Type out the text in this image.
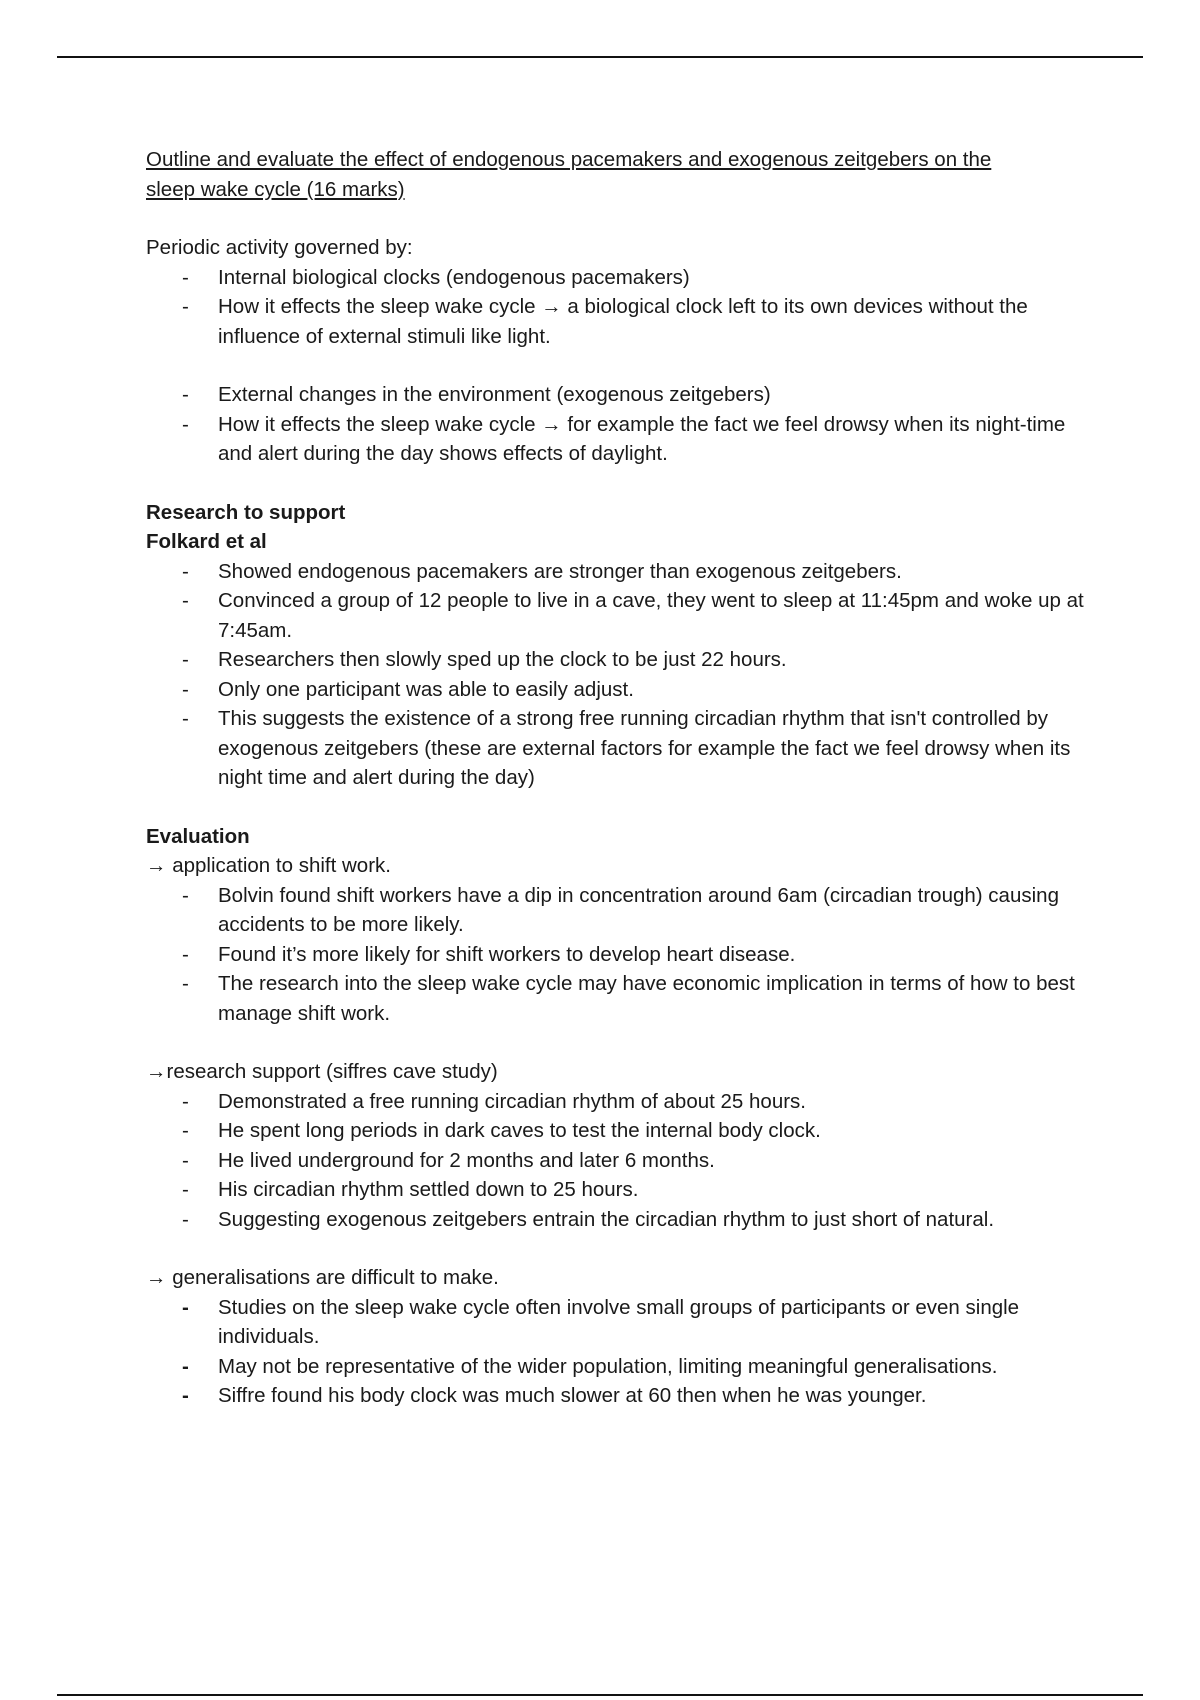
Outline and evaluate the effect of endogenous pacemakers and exogenous zeitgebers on the
sleep wake cycle (16 marks)

Periodic activity governed by:

- Internal biological clocks (endogenous pacemakers)
- How it effects the sleep wake cycle → a biological clock left to its own devices without the influence of external stimuli like light.
- External changes in the environment (exogenous zeitgebers)
- How it effects the sleep wake cycle → for example the fact we feel drowsy when its night-time and alert during the day shows effects of daylight.

Research to support

Folkard et al

- Showed endogenous pacemakers are stronger than exogenous zeitgebers.
- Convinced a group of 12 people to live in a cave, they went to sleep at 11:45pm and woke up at 7:45am.
- Researchers then slowly sped up the clock to be just 22 hours.
- Only one participant was able to easily adjust.
- This suggests the existence of a strong free running circadian rhythm that isn't controlled by exogenous zeitgebers (these are external factors for example the fact we feel drowsy when its night time and alert during the day)

Evaluation

→ application to shift work.

- Bolvin found shift workers have a dip in concentration around 6am (circadian trough) causing accidents to be more likely.
- Found it’s more likely for shift workers to develop heart disease.
- The research into the sleep wake cycle may have economic implication in terms of how to best manage shift work.

→research support (siffres cave study)

- Demonstrated a free running circadian rhythm of about 25 hours.
- He spent long periods in dark caves to test the internal body clock.
- He lived underground for 2 months and later 6 months.
- His circadian rhythm settled down to 25 hours.
- Suggesting exogenous zeitgebers entrain the circadian rhythm to just short of natural.

→ generalisations are difficult to make.

- Studies on the sleep wake cycle often involve small groups of participants or even single individuals.
- May not be representative of the wider population, limiting meaningful generalisations.
- Siffre found his body clock was much slower at 60 then when he was younger.
